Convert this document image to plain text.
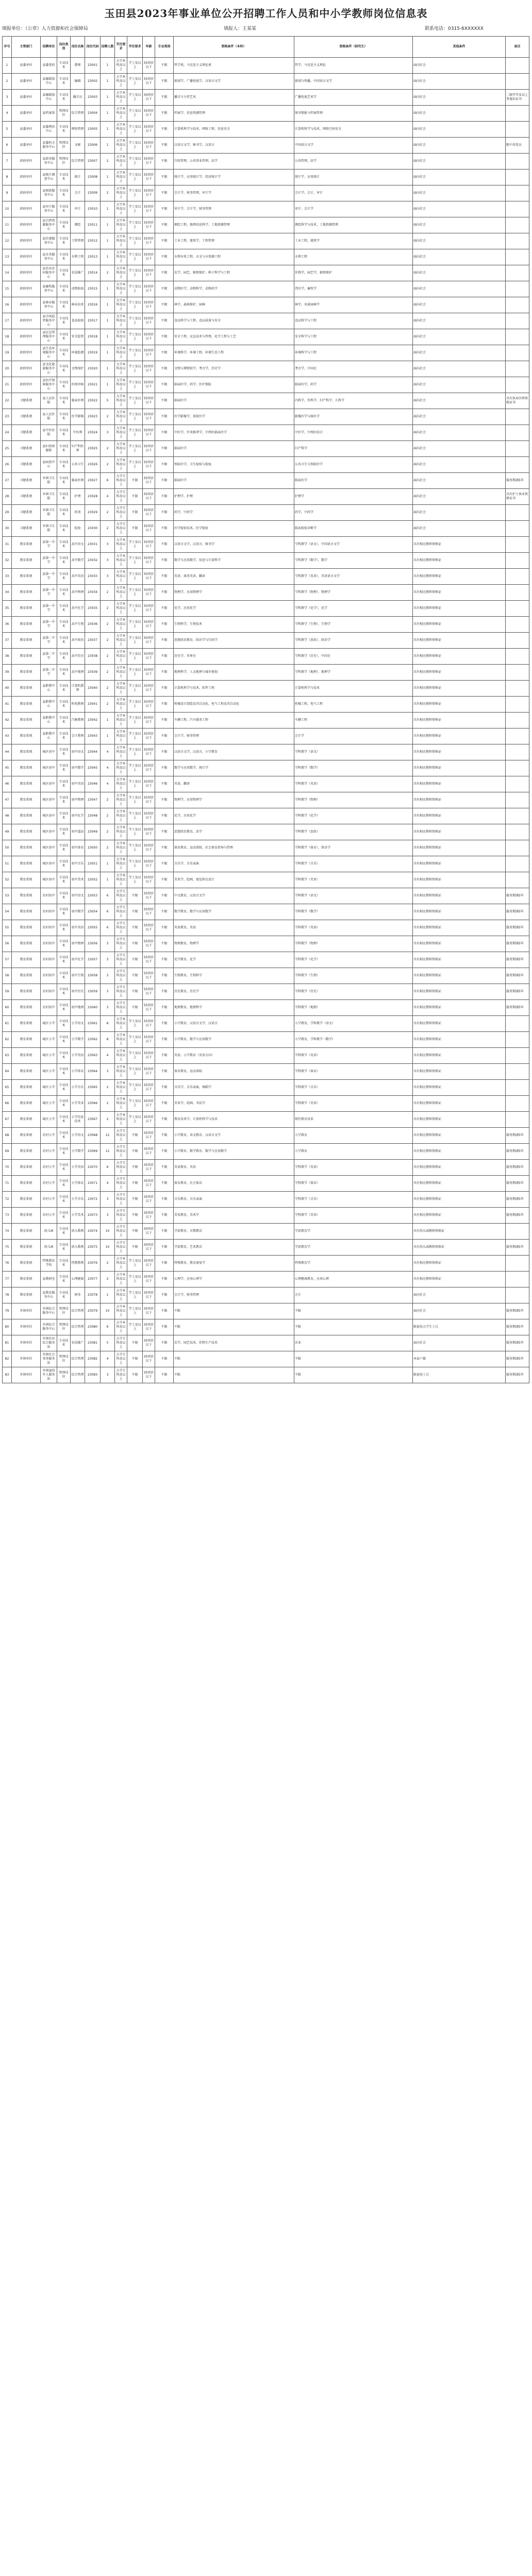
玉田县2023年事业单位公开招聘工作人员和中小学教师岗位信息表
填报单位：（公章）人力资源和社会保障局	填报人：王某某	联系电话：0315-6XXXXXX
序号	主管部门	招聘单位	岗位类别	岗位名称	岗位代码	招聘人数	学历要求	学位要求	年龄	专业类别	资格条件（本科）	资格条件（研究生）	其他条件	备注
1	县委单位	县委党校	专业技术	教师	23001	1	大学本科及以上	学士及以上	35周岁以下	不限	哲学类，马克思主义理论类	哲学，马克思主义理论	面向社会	
2	县委单位	县融媒体中心	专业技术	编辑	23002	1	大学本科及以上	学士及以上	35周岁以下	不限	新闻学，广播电视学，汉语言文学	新闻与传播，中国语言文学	面向社会	
3	县委单位	县融媒体中心	专业技术	播音员	23003	1	大学本科及以上	学士及以上	30周岁以下	不限	播音与主持艺术	广播电视艺术学	面向社会	二级甲等及以上普通话证书
4	县委单位	县档案馆	管理岗位	综合管理	23004	1	大学本科及以上	学士及以上	35周岁以下	不限	档案学，信息资源管理	图书情报与档案管理	面向社会	
5	县委单位	县委网信中心	专业技术	网络管理	23005	1	大学本科及以上	学士及以上	35周岁以下	不限	计算机科学与技术，网络工程，信息安全	计算机科学与技术，网络空间安全	面向社会	
6	县委单位	县委机关服务中心	管理岗位	文秘	23006	1	大学本科及以上	学士及以上	35周岁以下	不限	汉语言文学，秘书学，汉语言	中国语言文学	面向社会	限中共党员
7	政府单位	县政务服务中心	管理岗位	综合管理	23007	2	大学本科及以上	学士及以上	35周岁以下	不限	行政管理，公共事业管理，法学	公共管理，法学	面向社会	
8	政府单位	县统计调查中心	专业技术	统计	23008	1	大学本科及以上	学士及以上	35周岁以下	不限	统计学，应用统计学，经济统计学	统计学，应用统计	面向社会	
9	政府单位	县财政服务中心	专业技术	会计	23009	2	大学本科及以上	学士及以上	35周岁以下	不限	会计学，财务管理，审计学	会计学，会计，审计	面向社会	
10	政府单位	县审计服务中心	专业技术	审计	23010	1	大学本科及以上	学士及以上	35周岁以下	不限	审计学，会计学，财务管理	审计，会计学	面向社会	
11	政府单位	县自然资源服务中心	专业技术	测绘	23011	1	大学本科及以上	学士及以上	35周岁以下	不限	测绘工程，地理信息科学，土地资源管理	测绘科学与技术，土地资源管理	面向社会	
12	政府单位	县住建服务中心	专业技术	工程管理	23012	1	大学本科及以上	学士及以上	35周岁以下	不限	土木工程，建筑学，工程管理	土木工程，建筑学	面向社会	
13	政府单位	县水务服务中心	专业技术	水利工程	23013	1	大学本科及以上	学士及以上	35周岁以下	不限	水利水电工程，水文与水资源工程	水利工程	面向社会	
14	政府单位	县农业农村服务中心	专业技术	农技推广	23014	2	大学本科及以上	学士及以上	35周岁以下	不限	农学，园艺，植物保护，种子科学与工程	作物学，园艺学，植物保护	面向社会	
15	政府单位	县畜牧服务中心	专业技术	动物防疫	23015	1	大学本科及以上	学士及以上	35周岁以下	不限	动物医学，动物科学，动物药学	兽医学，畜牧学	面向社会	
16	政府单位	县林业服务中心	专业技术	林业技术	23016	1	大学本科及以上	学士及以上	35周岁以下	不限	林学，森林保护，园林	林学，风景园林学	面向社会	
17	政府单位	县市场监管服务中心	专业技术	食品检验	23017	1	大学本科及以上	学士及以上	35周岁以下	不限	食品科学与工程，食品质量与安全	食品科学与工程	面向社会	
18	政府单位	县应急管理服务中心	专业技术	安全监管	23018	1	大学本科及以上	学士及以上	35周岁以下	不限	安全工程，应急技术与管理，化学工程与工艺	安全科学与工程	面向社会	
19	政府单位	县生态环境服务中心	专业技术	环境监测	23019	1	大学本科及以上	学士及以上	35周岁以下	不限	环境科学，环境工程，环境生态工程	环境科学与工程	面向社会	
20	政府单位	县文化旅游服务中心	专业技术	文物保护	23020	1	大学本科及以上	学士及以上	35周岁以下	不限	文物与博物馆学，考古学，历史学	考古学，中国史	面向社会	
21	政府单位	县医疗保障服务中心	专业技术	医保审核	23021	1	大学本科及以上	学士及以上	35周岁以下	不限	临床医学，药学，医疗保险	临床医学，药学	面向社会	
22	卫健系统	县人民医院	专业技术	临床医师	23022	5	大学本科及以上	学士及以上	35周岁以下	不限	临床医学	内科学，外科学，妇产科学，儿科学	面向社会	具有执业医师资格证书
23	卫健系统	县人民医院	专业技术	医学影像	23023	2	大学本科及以上	学士及以上	35周岁以下	不限	医学影像学，放射医学	影像医学与核医学	面向社会	
24	卫健系统	县中医医院	专业技术	中医师	23024	3	大学本科及以上	学士及以上	35周岁以下	不限	中医学，针灸推拿学，中西医临床医学	中医学，中西医结合	面向社会	
25	卫健系统	县妇幼保健院	专业技术	妇产科医师	23025	2	大学本科及以上	学士及以上	35周岁以下	不限	临床医学	妇产科学	面向社会	
26	卫健系统	县疾控中心	专业技术	公共卫生	23026	2	大学本科及以上	学士及以上	35周岁以下	不限	预防医学，卫生检验与检疫	公共卫生与预防医学	面向社会	
27	卫健系统	乡镇卫生院	专业技术	临床医师	23027	6	大学专科及以上	不限	35周岁以下	不限	临床医学	临床医学	面向社会	服务期满5年
28	卫健系统	乡镇卫生院	专业技术	护理	23028	4	大学专科及以上	不限	35周岁以下	不限	护理学，护理	护理学	面向社会	具有护士执业资格证书
29	卫健系统	乡镇卫生院	专业技术	药剂	23029	2	大学专科及以上	不限	35周岁以下	不限	药学，中药学	药学，中药学	面向社会	
30	卫健系统	乡镇卫生院	专业技术	检验	23030	2	大学专科及以上	不限	35周岁以下	不限	医学检验技术，医学检验	临床检验诊断学	面向社会	
31	教育系统	县第一中学	专业技术	高中语文	23031	3	大学本科及以上	学士及以上	35周岁以下	不限	汉语言文学，汉语言，秘书学	学科教学（语文），中国语言文学	具有相应教师资格证	
32	教育系统	县第一中学	专业技术	高中数学	23032	3	大学本科及以上	学士及以上	35周岁以下	不限	数学与应用数学，信息与计算科学	学科教学（数学），数学	具有相应教师资格证	
33	教育系统	县第一中学	专业技术	高中英语	23033	3	大学本科及以上	学士及以上	35周岁以下	不限	英语，商务英语，翻译	学科教学（英语），英语语言文学	具有相应教师资格证	
34	教育系统	县第一中学	专业技术	高中物理	23034	2	大学本科及以上	学士及以上	35周岁以下	不限	物理学，应用物理学	学科教学（物理），物理学	具有相应教师资格证	
35	教育系统	县第一中学	专业技术	高中化学	23035	2	大学本科及以上	学士及以上	35周岁以下	不限	化学，应用化学	学科教学（化学），化学	具有相应教师资格证	
36	教育系统	县第一中学	专业技术	高中生物	23036	2	大学本科及以上	学士及以上	35周岁以下	不限	生物科学，生物技术	学科教学（生物），生物学	具有相应教师资格证	
37	教育系统	县第二中学	专业技术	高中政治	23037	2	大学本科及以上	学士及以上	35周岁以下	不限	思想政治教育，政治学与行政学	学科教学（思政），政治学	具有相应教师资格证	
38	教育系统	县第二中学	专业技术	高中历史	23038	2	大学本科及以上	学士及以上	35周岁以下	不限	历史学，世界史	学科教学（历史），中国史	具有相应教师资格证	
39	教育系统	县第二中学	专业技术	高中地理	23039	2	大学本科及以上	学士及以上	35周岁以下	不限	地理科学，人文地理与城乡规划	学科教学（地理），地理学	具有相应教师资格证	
40	教育系统	县职教中心	专业技术	计算机教师	23040	2	大学本科及以上	学士及以上	35周岁以下	不限	计算机科学与技术，软件工程	计算机科学与技术	具有相应教师资格证	
41	教育系统	县职教中心	专业技术	机电教师	23041	2	大学本科及以上	学士及以上	35周岁以下	不限	机械设计制造及其自动化，电气工程及其自动化	机械工程，电气工程	具有相应教师资格证	
42	教育系统	县职教中心	专业技术	汽修教师	23042	1	大学本科及以上	学士及以上	35周岁以下	不限	车辆工程，汽车服务工程	车辆工程	具有相应教师资格证	
43	教育系统	县职教中心	专业技术	会计教师	23043	1	大学本科及以上	学士及以上	35周岁以下	不限	会计学，财务管理	会计学	具有相应教师资格证	
44	教育系统	城区初中	专业技术	初中语文	23044	4	大学本科及以上	学士及以上	35周岁以下	不限	汉语言文学，汉语言，小学教育	学科教学（语文）	具有相应教师资格证	
45	教育系统	城区初中	专业技术	初中数学	23045	4	大学本科及以上	学士及以上	35周岁以下	不限	数学与应用数学，统计学	学科教学（数学）	具有相应教师资格证	
46	教育系统	城区初中	专业技术	初中英语	23046	4	大学本科及以上	学士及以上	35周岁以下	不限	英语，翻译	学科教学（英语）	具有相应教师资格证	
47	教育系统	城区初中	专业技术	初中物理	23047	2	大学本科及以上	学士及以上	35周岁以下	不限	物理学，应用物理学	学科教学（物理）	具有相应教师资格证	
48	教育系统	城区初中	专业技术	初中化学	23048	2	大学本科及以上	学士及以上	35周岁以下	不限	化学，应用化学	学科教学（化学）	具有相应教师资格证	
49	教育系统	城区初中	专业技术	初中道法	23049	2	大学本科及以上	学士及以上	35周岁以下	不限	思想政治教育，法学	学科教学（思政）	具有相应教师资格证	
50	教育系统	城区初中	专业技术	初中体育	23050	2	大学本科及以上	学士及以上	35周岁以下	不限	体育教育，运动训练，社会体育指导与管理	学科教学（体育），体育学	具有相应教师资格证	
51	教育系统	城区初中	专业技术	初中音乐	23051	1	大学本科及以上	学士及以上	35周岁以下	不限	音乐学，音乐表演	学科教学（音乐）	具有相应教师资格证	
52	教育系统	城区初中	专业技术	初中美术	23052	1	大学本科及以上	学士及以上	35周岁以下	不限	美术学，绘画，视觉传达设计	学科教学（美术）	具有相应教师资格证	
53	教育系统	农村初中	专业技术	初中语文	23053	6	大学专科及以上	不限	35周岁以下	不限	中文教育，汉语言文学	学科教学（语文）	具有相应教师资格证	服务期满5年
54	教育系统	农村初中	专业技术	初中数学	23054	6	大学专科及以上	不限	35周岁以下	不限	数学教育，数学与应用数学	学科教学（数学）	具有相应教师资格证	服务期满5年
55	教育系统	农村初中	专业技术	初中英语	23055	6	大学专科及以上	不限	35周岁以下	不限	英语教育，英语	学科教学（英语）	具有相应教师资格证	服务期满5年
56	教育系统	农村初中	专业技术	初中物理	23056	3	大学专科及以上	不限	35周岁以下	不限	物理教育，物理学	学科教学（物理）	具有相应教师资格证	服务期满5年
57	教育系统	农村初中	专业技术	初中化学	23057	3	大学专科及以上	不限	35周岁以下	不限	化学教育，化学	学科教学（化学）	具有相应教师资格证	服务期满5年
58	教育系统	农村初中	专业技术	初中生物	23058	3	大学专科及以上	不限	35周岁以下	不限	生物教育，生物科学	学科教学（生物）	具有相应教师资格证	服务期满5年
59	教育系统	农村初中	专业技术	初中历史	23059	3	大学专科及以上	不限	35周岁以下	不限	历史教育，历史学	学科教学（历史）	具有相应教师资格证	服务期满5年
60	教育系统	农村初中	专业技术	初中地理	23060	3	大学专科及以上	不限	35周岁以下	不限	地理教育，地理科学	学科教学（地理）	具有相应教师资格证	服务期满5年
61	教育系统	城区小学	专业技术	小学语文	23061	8	大学本科及以上	学士及以上	35周岁以下	不限	小学教育，汉语言文学，汉语言	小学教育，学科教学（语文）	具有相应教师资格证	
62	教育系统	城区小学	专业技术	小学数学	23062	8	大学本科及以上	学士及以上	35周岁以下	不限	小学教育，数学与应用数学	小学教育，学科教学（数学）	具有相应教师资格证	
63	教育系统	城区小学	专业技术	小学英语	23063	4	大学本科及以上	学士及以上	35周岁以下	不限	英语，小学教育（英语方向）	学科教学（英语）	具有相应教师资格证	
64	教育系统	城区小学	专业技术	小学体育	23064	3	大学本科及以上	学士及以上	35周岁以下	不限	体育教育，运动训练	学科教学（体育）	具有相应教师资格证	
65	教育系统	城区小学	专业技术	小学音乐	23065	2	大学本科及以上	学士及以上	35周岁以下	不限	音乐学，音乐表演，舞蹈学	学科教学（音乐）	具有相应教师资格证	
66	教育系统	城区小学	专业技术	小学美术	23066	2	大学本科及以上	学士及以上	35周岁以下	不限	美术学，绘画，书法学	学科教学（美术）	具有相应教师资格证	
67	教育系统	城区小学	专业技术	小学信息技术	23067	2	大学本科及以上	学士及以上	35周岁以下	不限	教育技术学，计算机科学与技术	现代教育技术	具有相应教师资格证	
68	教育系统	农村小学	专业技术	小学语文	23068	12	大学专科及以上	不限	35周岁以下	不限	小学教育，语文教育，汉语言文学	小学教育	具有相应教师资格证	服务期满5年
69	教育系统	农村小学	专业技术	小学数学	23069	12	大学专科及以上	不限	35周岁以下	不限	小学教育，数学教育，数学与应用数学	小学教育	具有相应教师资格证	服务期满5年
70	教育系统	农村小学	专业技术	小学英语	23070	6	大学专科及以上	不限	35周岁以下	不限	英语教育，英语	学科教学（英语）	具有相应教师资格证	服务期满5年
71	教育系统	农村小学	专业技术	小学体育	23071	4	大学专科及以上	不限	35周岁以下	不限	体育教育，社会体育	学科教学（体育）	具有相应教师资格证	服务期满5年
72	教育系统	农村小学	专业技术	小学音乐	23072	3	大学专科及以上	不限	35周岁以下	不限	音乐教育，音乐表演	学科教学（音乐）	具有相应教师资格证	服务期满5年
73	教育系统	农村小学	专业技术	小学美术	23073	3	大学专科及以上	不限	35周岁以下	不限	美术教育，美术学	学科教学（美术）	具有相应教师资格证	服务期满5年
74	教育系统	幼儿园	专业技术	幼儿教师	23074	10	大学专科及以上	不限	30周岁以下	不限	学前教育，早期教育	学前教育学	具有幼儿园教师资格证	
75	教育系统	幼儿园	专业技术	幼儿教师	23075	10	大学专科及以上	不限	30周岁以下	不限	学前教育，艺术教育	学前教育学	具有幼儿园教师资格证	服务期满5年
76	教育系统	特殊教育学校	专业技术	特教教师	23076	2	大学本科及以上	学士及以上	35周岁以下	不限	特殊教育，教育康复学	特殊教育学	具有相应教师资格证	
77	教育系统	县教研室	专业技术	心理健康	23077	2	大学本科及以上	学士及以上	35周岁以下	不限	心理学，应用心理学	心理健康教育，应用心理	具有相应教师资格证	
78	教育系统	县教育服务中心	专业技术	财务	23078	1	大学本科及以上	学士及以上	35周岁以下	不限	会计学，财务管理	会计	面向社会	
79	乡镇单位	乡镇综合服务中心	管理岗位	综合管理	23079	10	大学本科及以上	学士及以上	35周岁以下	不限	不限	不限	面向社会	服务期满5年
80	乡镇单位	乡镇综合服务中心	管理岗位	综合管理	23080	6	大学本科及以上	学士及以上	35周岁以下	不限	不限	不限	限退役大学生士兵	服务期满5年
81	乡镇单位	乡镇农业综合服务站	专业技术	农技推广	23081	5	大学专科及以上	不限	35周岁以下	不限	农学，园艺技术，作物生产技术	农业	面向社会	服务期满5年
82	乡镇单位	乡镇社会事务服务站	管理岗位	综合管理	23082	4	大学专科及以上	不限	35周岁以下	不限	不限	不限	本县户籍	服务期满5年
83	乡镇单位	乡镇退役军人服务站	管理岗位	综合管理	23083	3	大学专科及以上	不限	35周岁以下	不限	不限	不限	限退役士兵	服务期满5年
